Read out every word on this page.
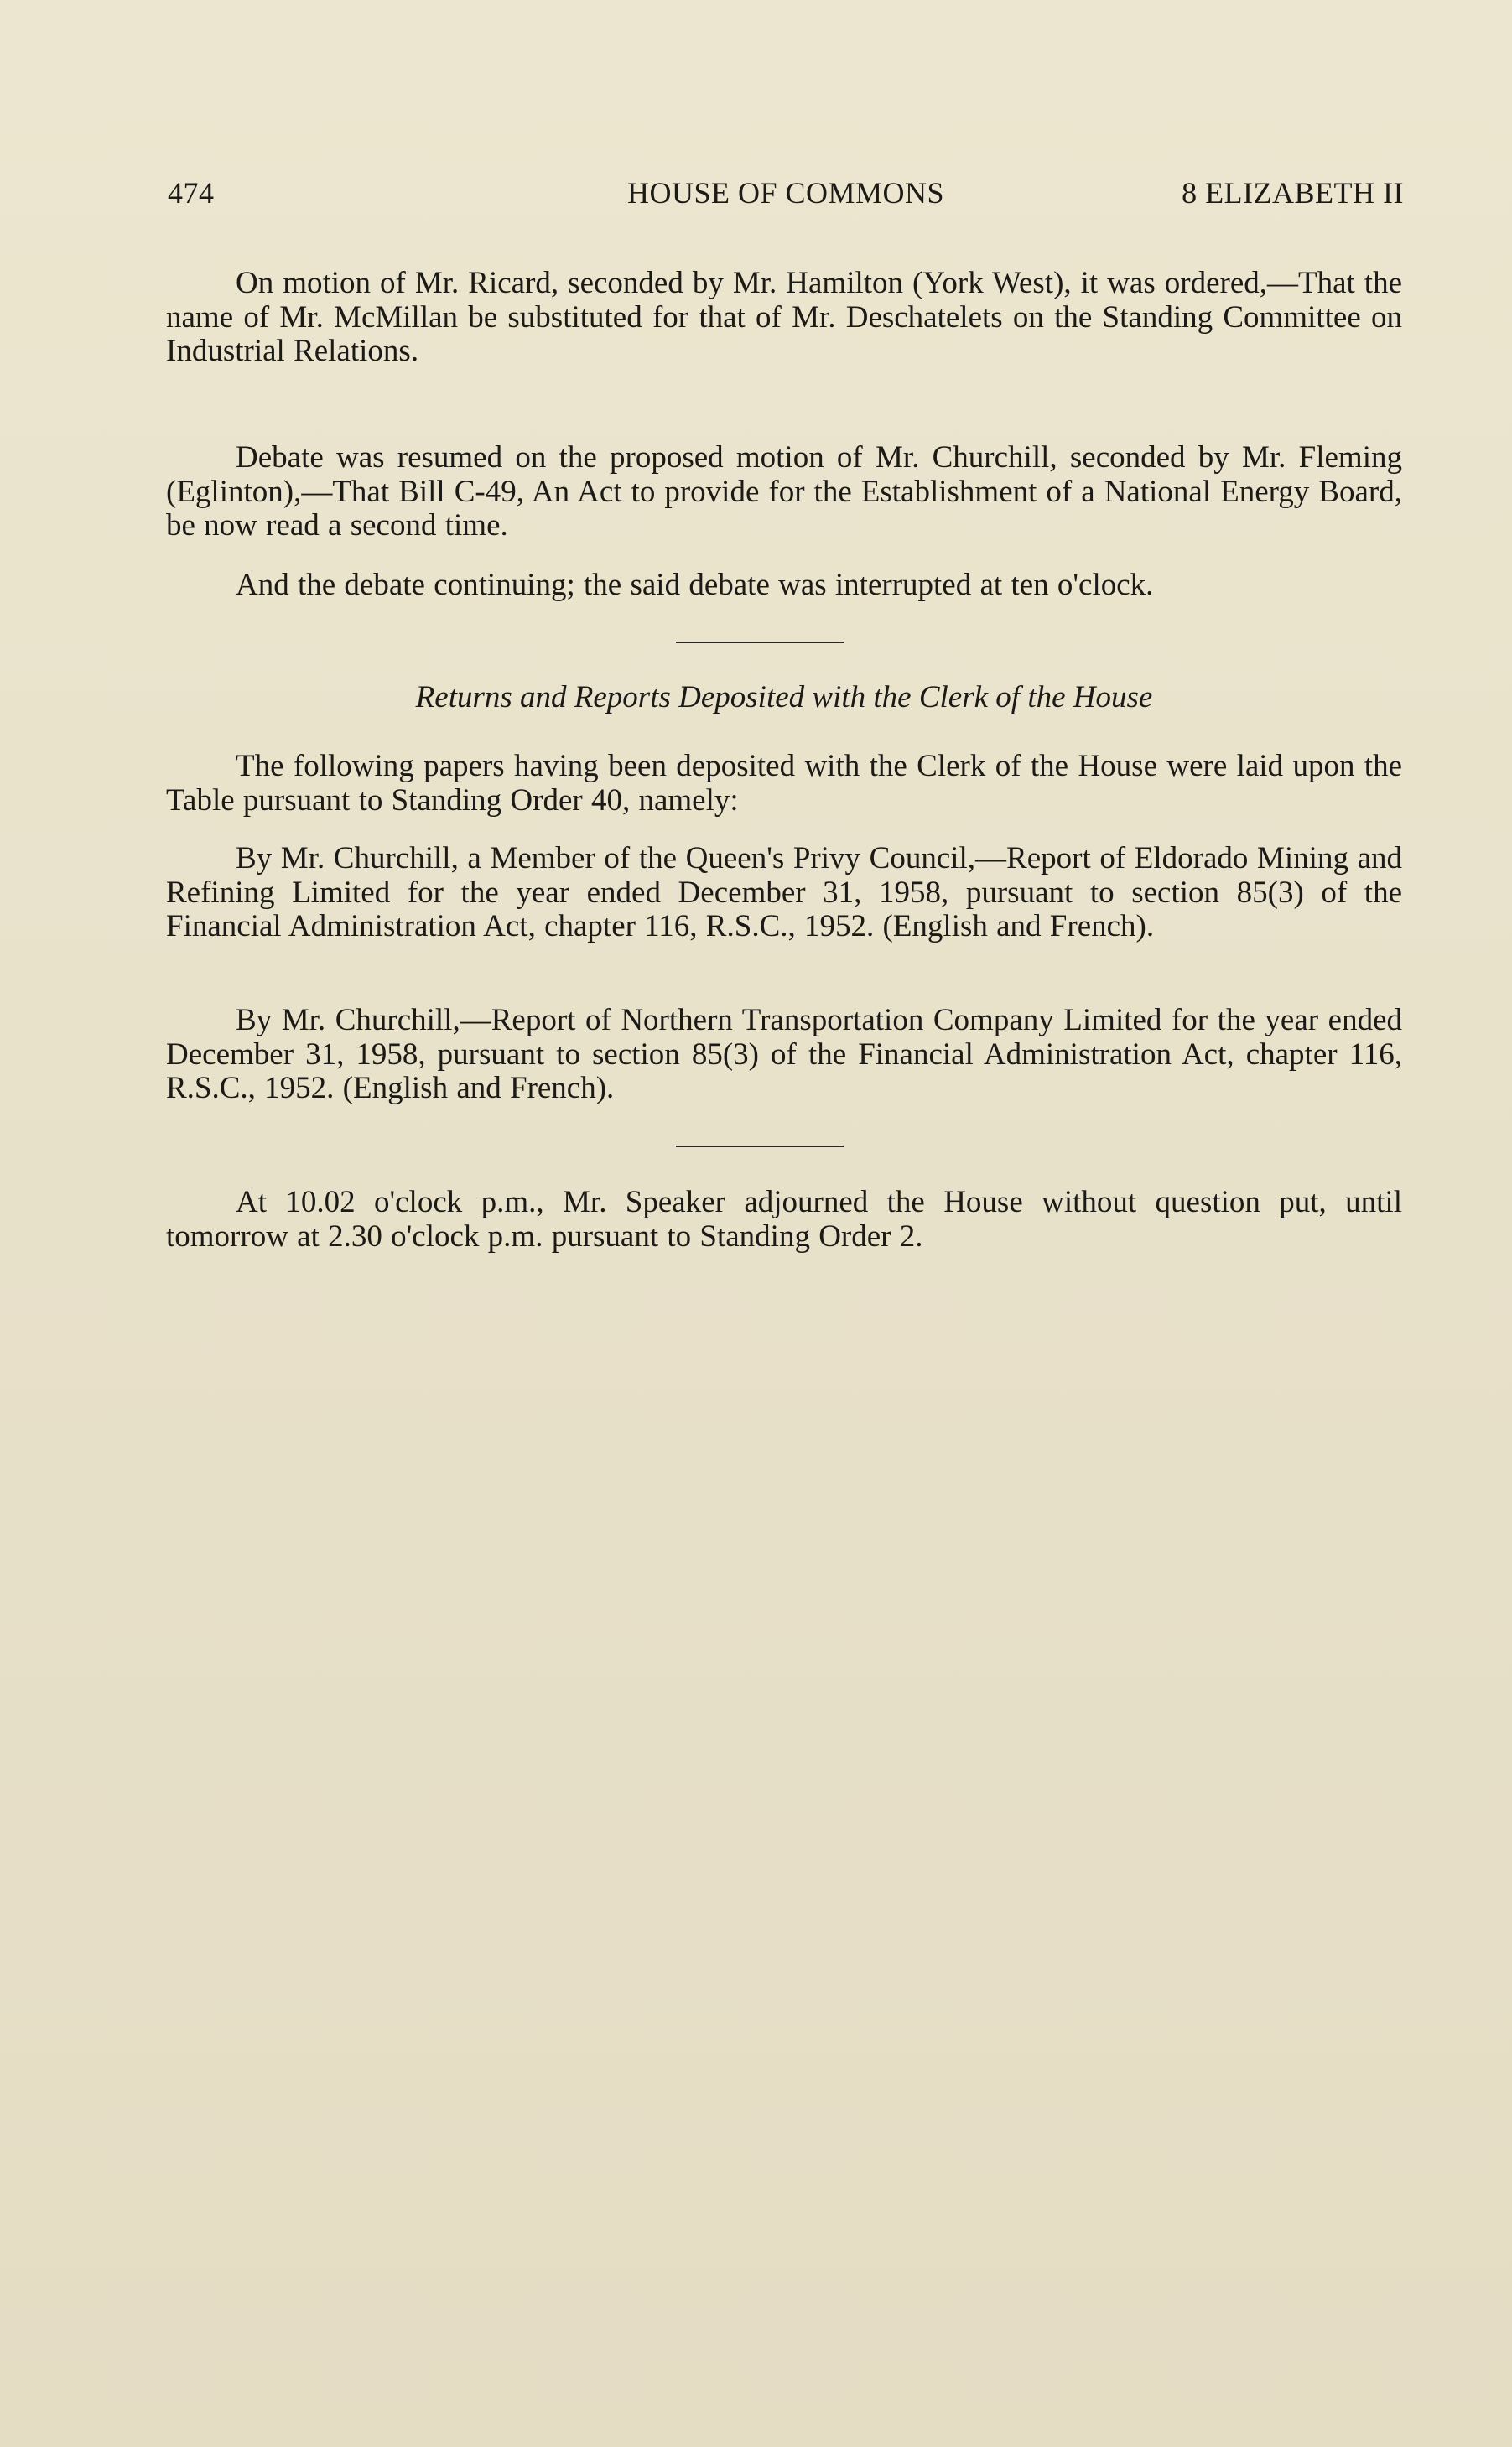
474	HOUSE OF COMMONS	8 ELIZABETH II

On motion of Mr. Ricard, seconded by Mr. Hamilton (York West), it was ordered,—That the name of Mr. McMillan be substituted for that of Mr. Deschatelets on the Standing Committee on Industrial Relations.

Debate was resumed on the proposed motion of Mr. Churchill, seconded by Mr. Fleming (Eglinton),—That Bill C-49, An Act to provide for the Establishment of a National Energy Board, be now read a second time.

And the debate continuing; the said debate was interrupted at ten o'clock.

Returns and Reports Deposited with the Clerk of the House

The following papers having been deposited with the Clerk of the House were laid upon the Table pursuant to Standing Order 40, namely:

By Mr. Churchill, a Member of the Queen's Privy Council,—Report of Eldorado Mining and Refining Limited for the year ended December 31, 1958, pursuant to section 85(3) of the Financial Administration Act, chapter 116, R.S.C., 1952. (English and French).

By Mr. Churchill,—Report of Northern Transportation Company Limited for the year ended December 31, 1958, pursuant to section 85(3) of the Financial Administration Act, chapter 116, R.S.C., 1952. (English and French).

At 10.02 o'clock p.m., Mr. Speaker adjourned the House without question put, until tomorrow at 2.30 o'clock p.m. pursuant to Standing Order 2.
